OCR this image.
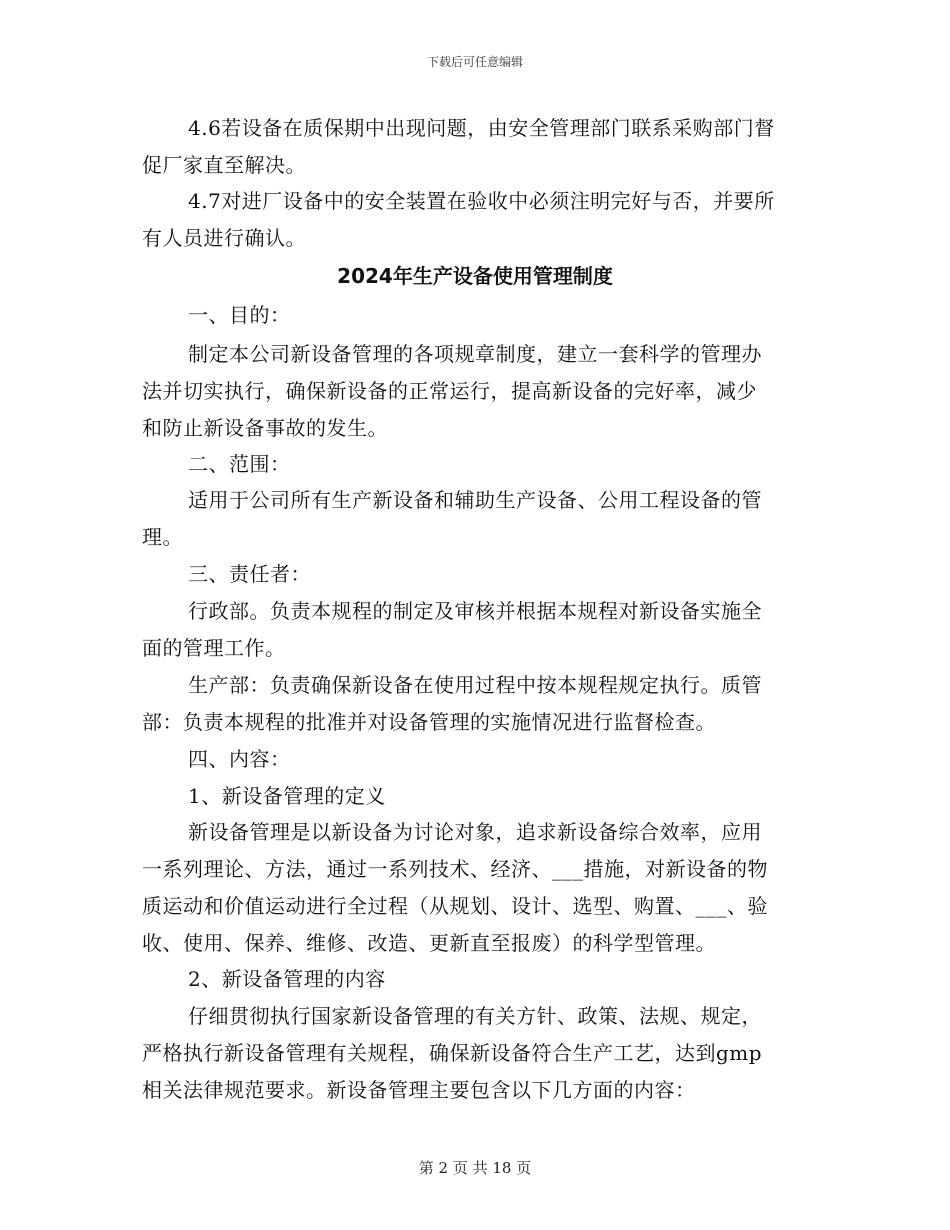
下载后可任意编辑
4.6若设备在质保期中出现问题，由安全管理部门联系采购部门督
促厂家直至解决。
4.7对进厂设备中的安全装置在验收中必须注明完好与否，并要所
有人员进行确认。
2024年生产设备使用管理制度
一、目的：
制定本公司新设备管理的各项规章制度，建立一套科学的管理办
法并切实执行，确保新设备的正常运行，提高新设备的完好率，减少
和防止新设备事故的发生。
二、范围：
适用于公司所有生产新设备和辅助生产设备、公用工程设备的管
理。
三、责任者：
行政部。负责本规程的制定及审核并根据本规程对新设备实施全
面的管理工作。
生产部：负责确保新设备在使用过程中按本规程规定执行。质管
部：负责本规程的批准并对设备管理的实施情况进行监督检查。
四、内容：
1、新设备管理的定义
新设备管理是以新设备为讨论对象，追求新设备综合效率，应用
一系列理论、方法，通过一系列技术、经济、___措施，对新设备的物
质运动和价值运动进行全过程（从规划、设计、选型、购置、___、验
收、使用、保养、维修、改造、更新直至报废）的科学型管理。
2、新设备管理的内容
仔细贯彻执行国家新设备管理的有关方针、政策、法规、规定，
严格执行新设备管理有关规程，确保新设备符合生产工艺，达到gmp
相关法律规范要求。新设备管理主要包含以下几方面的内容：
第 2 页 共 18 页
